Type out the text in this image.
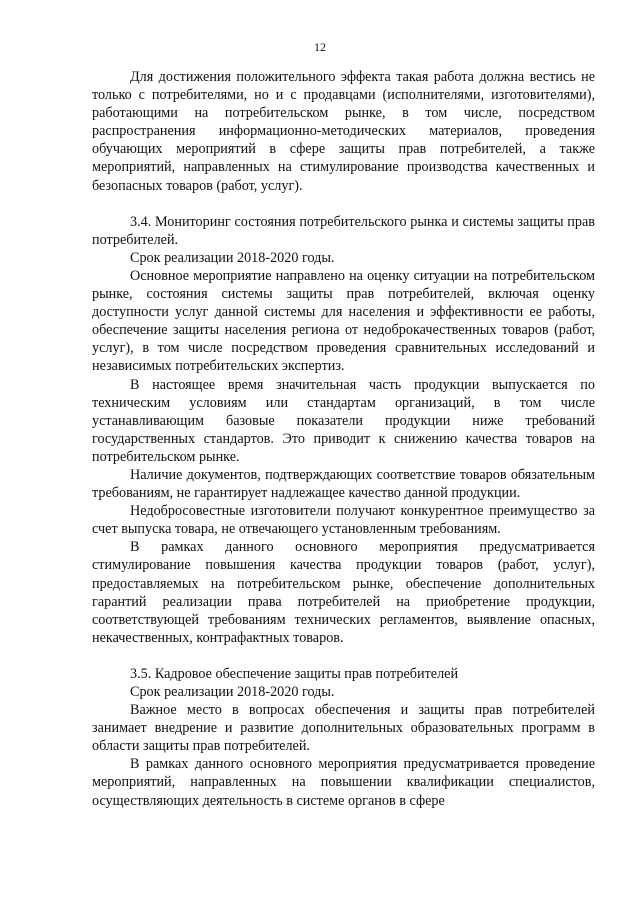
12

Для достижения положительного эффекта такая работа должна вестись не только с потребителями, но и с продавцами (исполнителями, изготовителями), работающими на потребительском рынке, в том числе, посредством распространения информационно-методических материалов, проведения обучающих мероприятий в сфере защиты прав потребителей, а также мероприятий, направленных на стимулирование производства качественных и безопасных товаров (работ, услуг).

3.4. Мониторинг состояния потребительского рынка и системы защиты прав потребителей.

Срок реализации 2018-2020 годы.

Основное мероприятие направлено на оценку ситуации на потребительском рынке, состояния системы защиты прав потребителей, включая оценку доступности услуг данной системы для населения и эффективности ее работы, обеспечение защиты населения региона от недоброкачественных товаров (работ, услуг), в том числе посредством проведения сравнительных исследований и независимых потребительских экспертиз.

В настоящее время значительная часть продукции выпускается по техническим условиям или стандартам организаций, в том числе устанавливающим базовые показатели продукции ниже требований государственных стандартов. Это приводит к снижению качества товаров на потребительском рынке.

Наличие документов, подтверждающих соответствие товаров обязательным требованиям, не гарантирует надлежащее качество данной продукции.

Недобросовестные изготовители получают конкурентное преимущество за счет выпуска товара, не отвечающего установленным требованиям.

В рамках данного основного мероприятия предусматривается стимулирование повышения качества продукции товаров (работ, услуг), предоставляемых на потребительском рынке, обеспечение дополнительных гарантий реализации права потребителей на приобретение продукции, соответствующей требованиям технических регламентов, выявление опасных, некачественных, контрафактных товаров.

3.5. Кадровое обеспечение защиты прав потребителей

Срок реализации 2018-2020 годы.

Важное место в вопросах обеспечения и защиты прав потребителей занимает внедрение и развитие дополнительных образовательных программ в области защиты прав потребителей.

В рамках данного основного мероприятия предусматривается проведение мероприятий, направленных на повышении квалификации специалистов, осуществляющих деятельность в системе органов в сфере
